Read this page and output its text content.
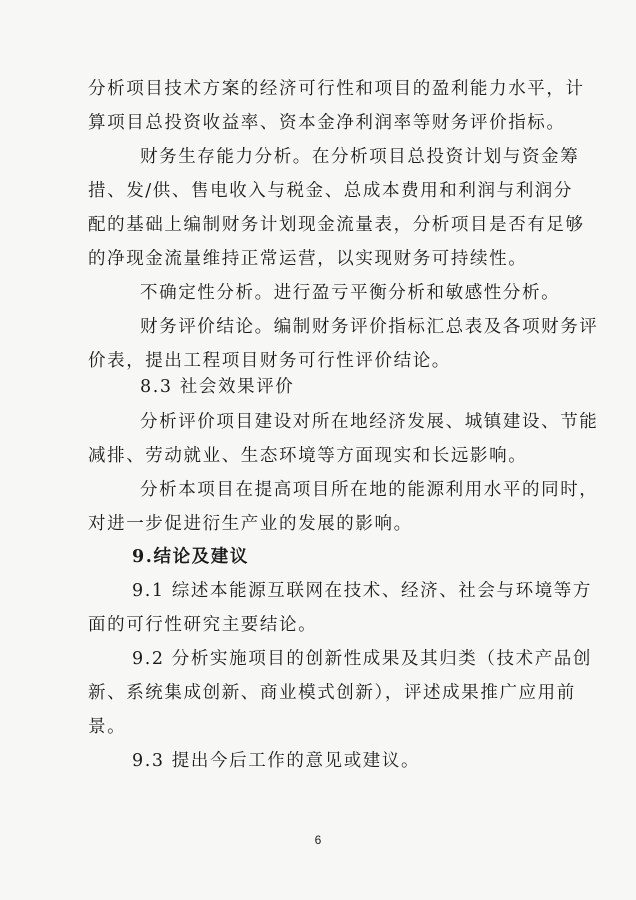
分析项目技术方案的经济可行性和项目的盈利能力水平，计
算项目总投资收益率、资本金净利润率等财务评价指标。
财务生存能力分析。在分析项目总投资计划与资金筹
措、发/供、售电收入与税金、总成本费用和利润与利润分
配的基础上编制财务计划现金流量表，分析项目是否有足够
的净现金流量维持正常运营，以实现财务可持续性。
不确定性分析。进行盈亏平衡分析和敏感性分析。
财务评价结论。编制财务评价指标汇总表及各项财务评
价表，提出工程项目财务可行性评价结论。
8.3 社会效果评价
分析评价项目建设对所在地经济发展、城镇建设、节能
减排、劳动就业、生态环境等方面现实和长远影响。
分析本项目在提高项目所在地的能源利用水平的同时，
对进一步促进衍生产业的发展的影响。
9.结论及建议
9.1 综述本能源互联网在技术、经济、社会与环境等方
面的可行性研究主要结论。
9.2 分析实施项目的创新性成果及其归类（技术产品创
新、系统集成创新、商业模式创新），评述成果推广应用前
景。
9.3 提出今后工作的意见或建议。
6
